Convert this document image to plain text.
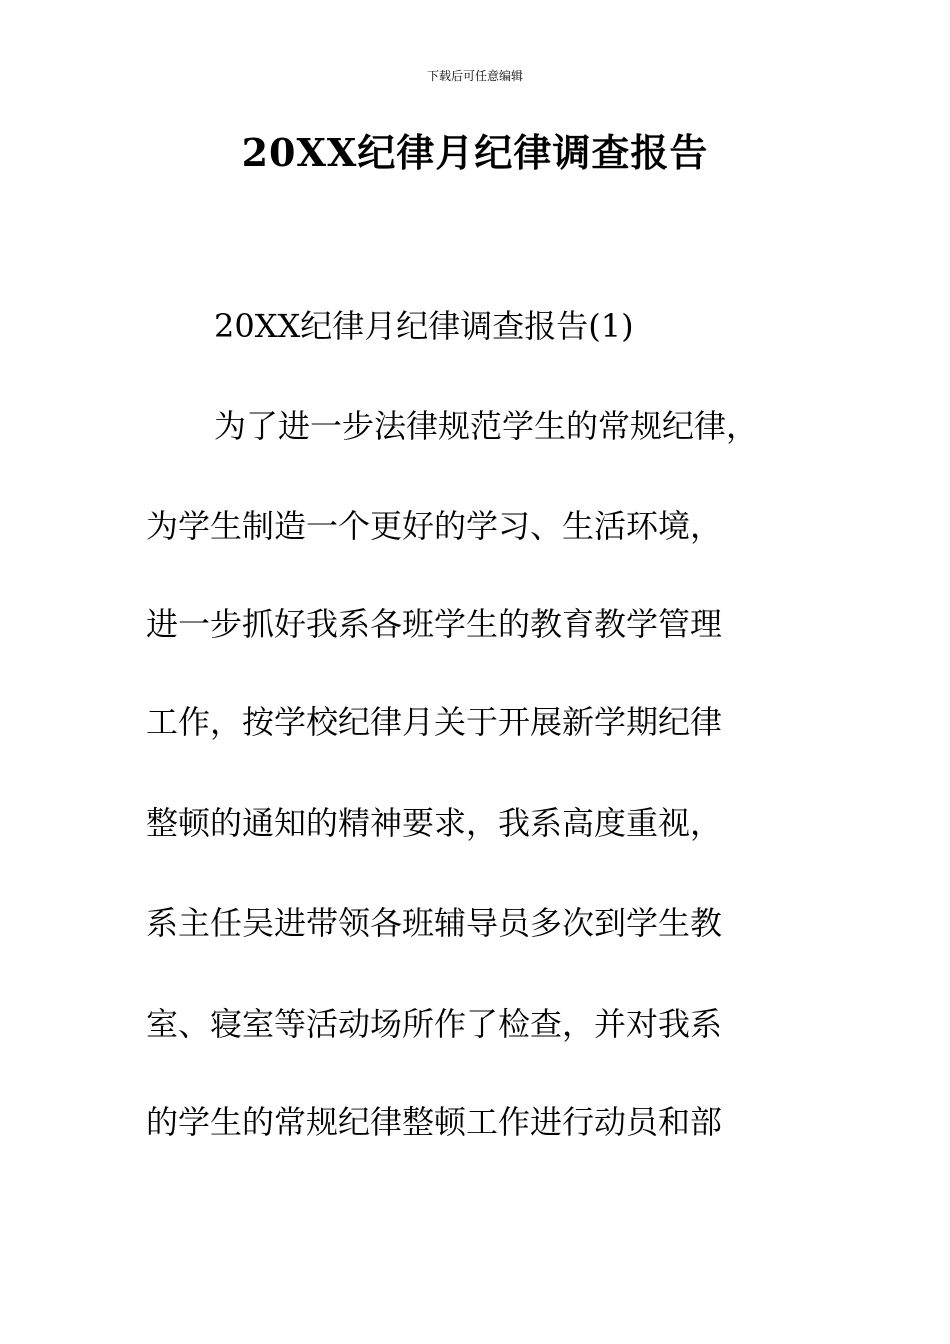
下载后可任意编辑
20XX纪律月纪律调查报告
20XX纪律月纪律调查报告(1)
为了进一步法律规范学生的常规纪律，
为学生制造一个更好的学习、生活环境，
进一步抓好我系各班学生的教育教学管理
工作，按学校纪律月关于开展新学期纪律
整顿的通知的精神要求，我系高度重视，
系主任吴进带领各班辅导员多次到学生教
室、寝室等活动场所作了检查，并对我系
的学生的常规纪律整顿工作进行动员和部
